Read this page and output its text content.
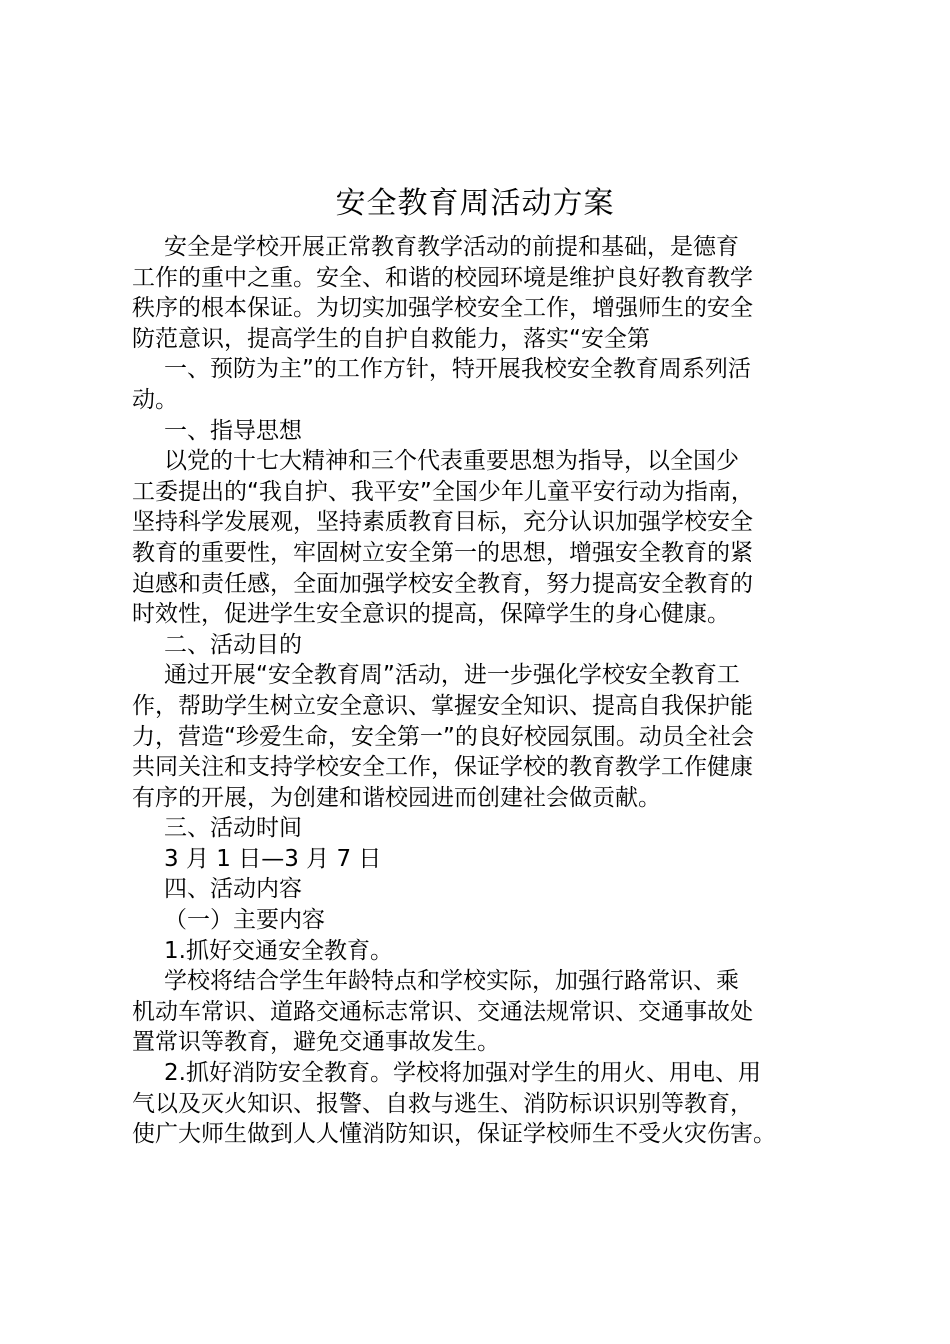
安全教育周活动方案
安全是学校开展正常教育教学活动的前提和基础，是德育
工作的重中之重。安全、和谐的校园环境是维护良好教育教学
秩序的根本保证。为切实加强学校安全工作，增强师生的安全
防范意识，提高学生的自护自救能力，落实“安全第
一、预防为主”的工作方针，特开展我校安全教育周系列活
动。
一、指导思想
以党的十七大精神和三个代表重要思想为指导，以全国少
工委提出的“我自护、我平安”全国少年儿童平安行动为指南，
坚持科学发展观，坚持素质教育目标，充分认识加强学校安全
教育的重要性，牢固树立安全第一的思想，增强安全教育的紧
迫感和责任感，全面加强学校安全教育，努力提高安全教育的
时效性，促进学生安全意识的提高，保障学生的身心健康。
二、活动目的
通过开展“安全教育周”活动，进一步强化学校安全教育工
作，帮助学生树立安全意识、掌握安全知识、提高自我保护能
力，营造“珍爱生命，安全第一”的良好校园氛围。动员全社会
共同关注和支持学校安全工作，保证学校的教育教学工作健康
有序的开展，为创建和谐校园进而创建社会做贡献。
三、活动时间
3 月 1 日—3 月 7 日
四、活动内容
（一）主要内容
1.抓好交通安全教育。
学校将结合学生年龄特点和学校实际，加强行路常识、乘
机动车常识、道路交通标志常识、交通法规常识、交通事故处
置常识等教育，避免交通事故发生。
2.抓好消防安全教育。学校将加强对学生的用火、用电、用
气以及灭火知识、报警、自救与逃生、消防标识识别等教育，
使广大师生做到人人懂消防知识，保证学校师生不受火灾伤害。
